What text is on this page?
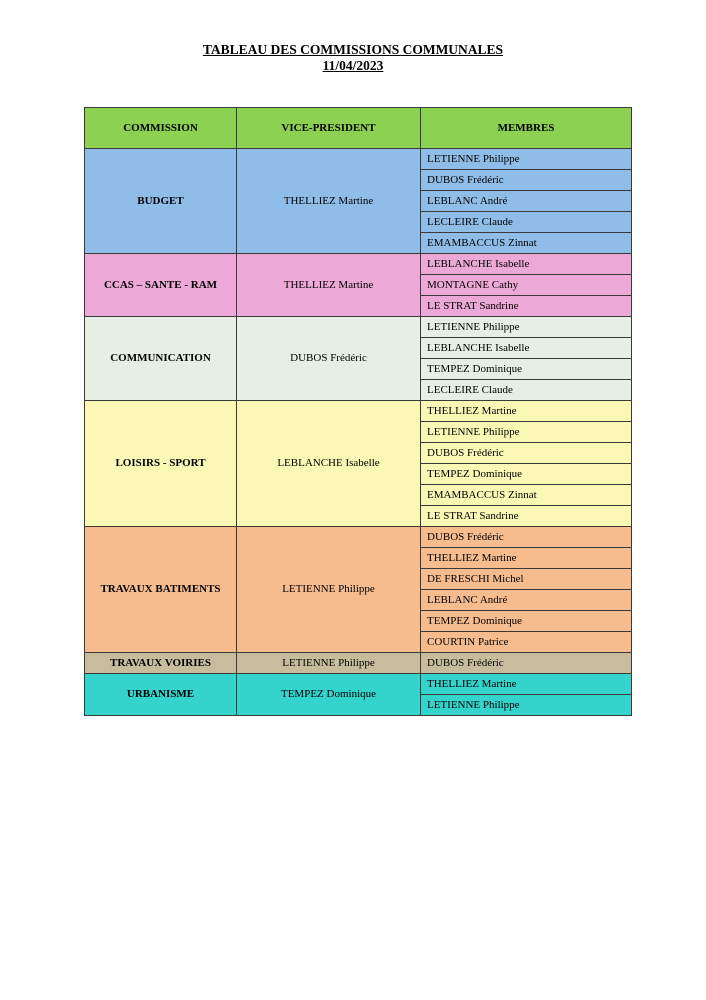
TABLEAU DES COMMISSIONS COMMUNALES
11/04/2023
COMMISSION	VICE-PRESIDENT	MEMBRES
BUDGET	THELLIEZ Martine	LETIENNE Philippe
		DUBOS Frédéric
		LEBLANC André
		LECLEIRE Claude
		EMAMBACCUS Zinnat
CCAS – SANTE - RAM	THELLIEZ Martine	LEBLANCHE Isabelle
		MONTAGNE Cathy
		LE STRAT Sandrine
COMMUNICATION	DUBOS Frédéric	LETIENNE Philippe
		LEBLANCHE Isabelle
		TEMPEZ Dominique
		LECLEIRE Claude
LOISIRS - SPORT	LEBLANCHE Isabelle	THELLIEZ Martine
		LETIENNE Philippe
		DUBOS Frédéric
		TEMPEZ Dominique
		EMAMBACCUS Zinnat
		LE STRAT Sandrine
TRAVAUX BATIMENTS	LETIENNE Philippe	DUBOS Frédéric
		THELLIEZ Martine
		DE FRESCHI Michel
		LEBLANC André
		TEMPEZ Dominique
		COURTIN Patrice
TRAVAUX VOIRIES	LETIENNE Philippe	DUBOS Frédéric
URBANISME	TEMPEZ Dominique	THELLIEZ Martine
		LETIENNE Philippe
